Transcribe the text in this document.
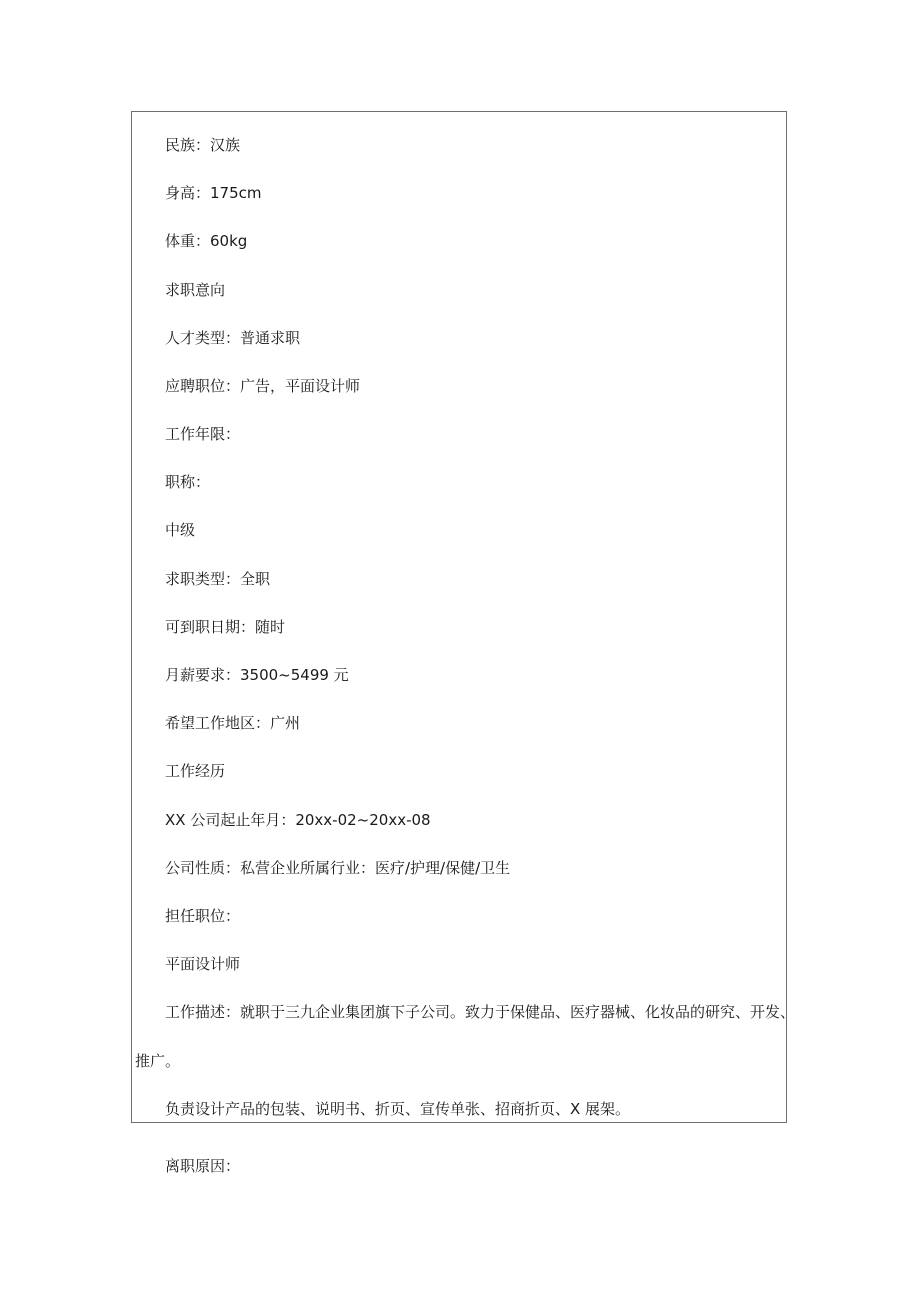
民族：汉族
身高：175cm
体重：60kg
求职意向
人才类型：普通求职
应聘职位：广告，平面设计师
工作年限：
职称：
中级
求职类型：全职
可到职日期：随时
月薪要求：3500~5499 元
希望工作地区：广州
工作经历
XX 公司起止年月：20xx-02~20xx-08
公司性质：私营企业所属行业：医疗/护理/保健/卫生
担任职位：
平面设计师
工作描述：就职于三九企业集团旗下子公司。致力于保健品、医疗器械、化妆品的研究、开发、
推广。
负责设计产品的包装、说明书、折页、宣传单张、招商折页、X 展架。
离职原因：
